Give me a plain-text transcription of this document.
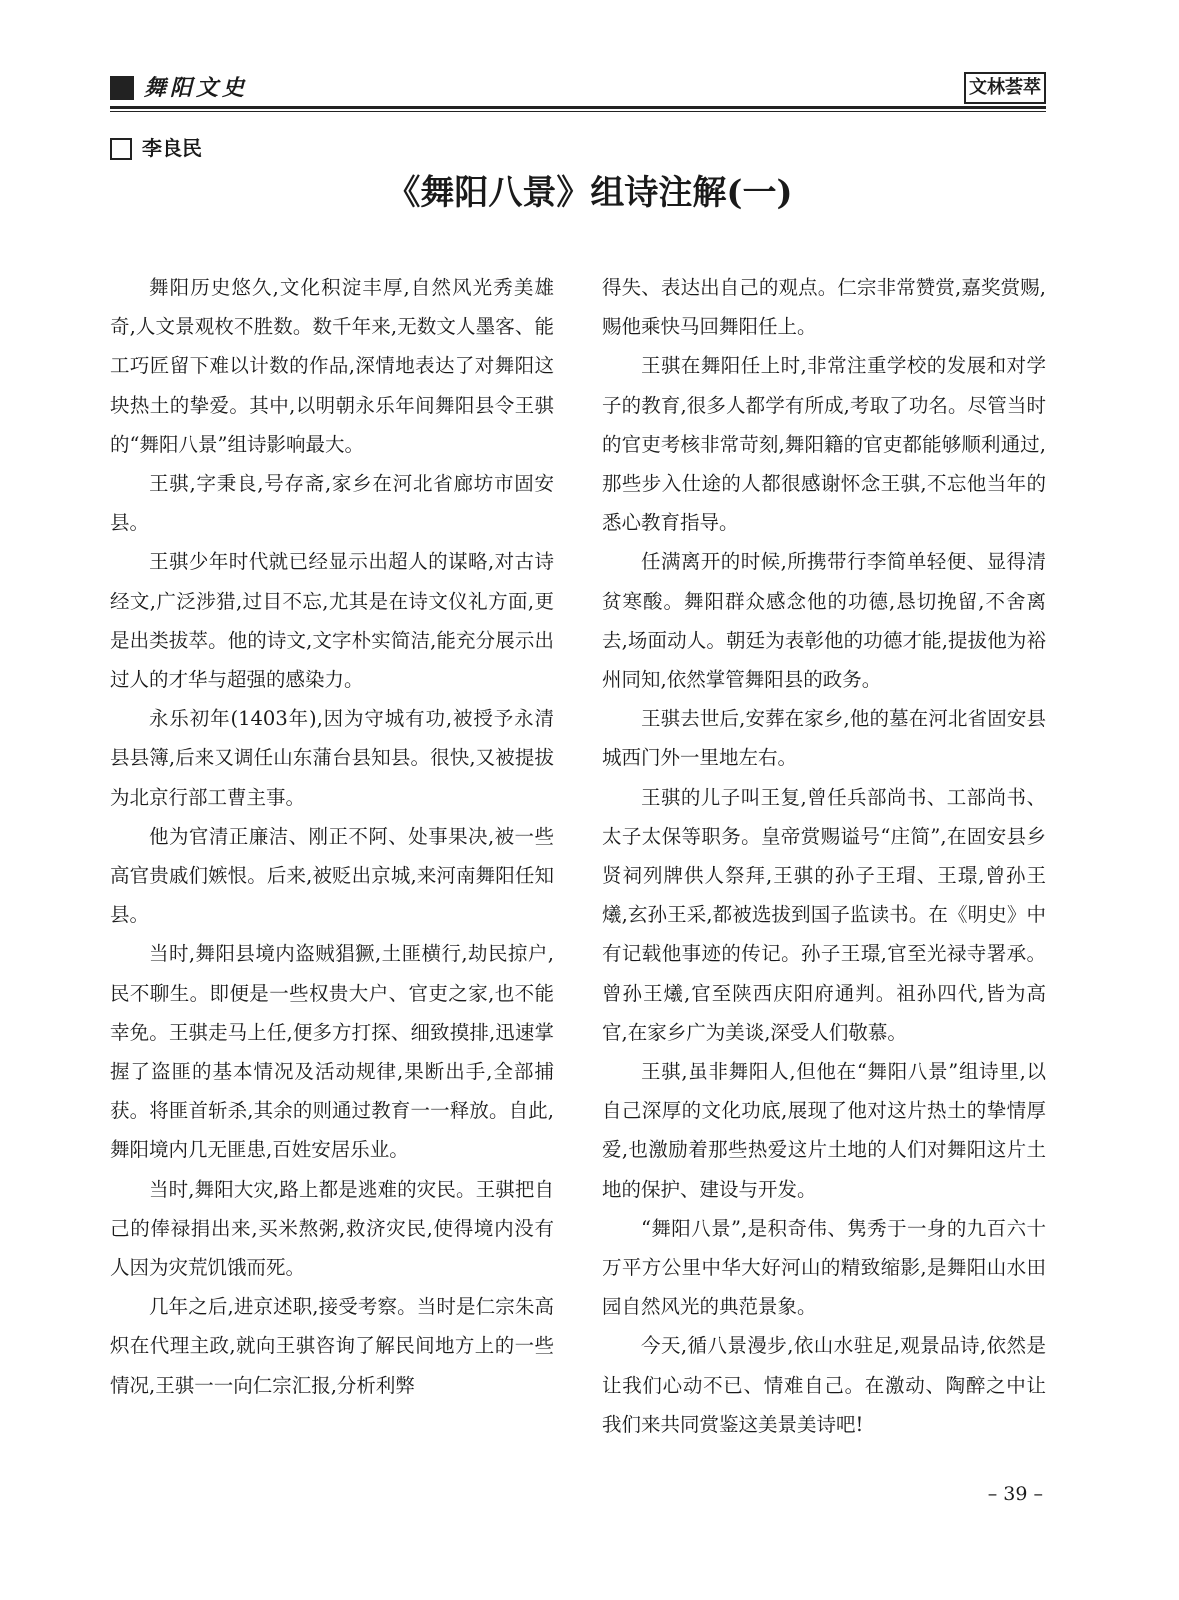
舞阳文史	文林荟萃
李良民
《舞阳八景》组诗注解(一)

舞阳历史悠久,文化积淀丰厚,自然风光秀美雄奇,人文景观枚不胜数。数千年来,无数文人墨客、能工巧匠留下难以计数的作品,深情地表达了对舞阳这块热土的挚爱。其中,以明朝永乐年间舞阳县令王骐的“舞阳八景”组诗影响最大。

王骐,字秉良,号存斋,家乡在河北省廊坊市固安县。

王骐少年时代就已经显示出超人的谋略,对古诗经文,广泛涉猎,过目不忘,尤其是在诗文仪礼方面,更是出类拔萃。他的诗文,文字朴实简洁,能充分展示出过人的才华与超强的感染力。

永乐初年(1403年),因为守城有功,被授予永清县县簿,后来又调任山东蒲台县知县。很快,又被提拔为北京行部工曹主事。

他为官清正廉洁、刚正不阿、处事果决,被一些高官贵戚们嫉恨。后来,被贬出京城,来河南舞阳任知县。

当时,舞阳县境内盗贼猖獗,土匪横行,劫民掠户,民不聊生。即便是一些权贵大户、官吏之家,也不能幸免。王骐走马上任,便多方打探、细致摸排,迅速掌握了盗匪的基本情况及活动规律,果断出手,全部捕获。将匪首斩杀,其余的则通过教育一一释放。自此,舞阳境内几无匪患,百姓安居乐业。

当时,舞阳大灾,路上都是逃难的灾民。王骐把自己的俸禄捐出来,买米熬粥,救济灾民,使得境内没有人因为灾荒饥饿而死。

几年之后,进京述职,接受考察。当时是仁宗朱高炽在代理主政,就向王骐咨询了解民间地方上的一些情况,王骐一一向仁宗汇报,分析利弊

得失、表达出自己的观点。仁宗非常赞赏,嘉奖赏赐,赐他乘快马回舞阳任上。

王骐在舞阳任上时,非常注重学校的发展和对学子的教育,很多人都学有所成,考取了功名。尽管当时的官吏考核非常苛刻,舞阳籍的官吏都能够顺利通过,那些步入仕途的人都很感谢怀念王骐,不忘他当年的悉心教育指导。

任满离开的时候,所携带行李简单轻便、显得清贫寒酸。舞阳群众感念他的功德,恳切挽留,不舍离去,场面动人。朝廷为表彰他的功德才能,提拔他为裕州同知,依然掌管舞阳县的政务。

王骐去世后,安葬在家乡,他的墓在河北省固安县城西门外一里地左右。

王骐的儿子叫王复,曾任兵部尚书、工部尚书、太子太保等职务。皇帝赏赐谥号“庄简”,在固安县乡贤祠列牌供人祭拜,王骐的孙子王瑁、王璟,曾孙王爔,玄孙王采,都被选拔到国子监读书。在《明史》中有记载他事迹的传记。孙子王璟,官至光禄寺署承。曾孙王爔,官至陕西庆阳府通判。祖孙四代,皆为高官,在家乡广为美谈,深受人们敬慕。

王骐,虽非舞阳人,但他在“舞阳八景”组诗里,以自己深厚的文化功底,展现了他对这片热土的挚情厚爱,也激励着那些热爱这片土地的人们对舞阳这片土地的保护、建设与开发。

“舞阳八景”,是积奇伟、隽秀于一身的九百六十万平方公里中华大好河山的精致缩影,是舞阳山水田园自然风光的典范景象。

今天,循八景漫步,依山水驻足,观景品诗,依然是让我们心动不已、情难自己。在激动、陶醉之中让我们来共同赏鉴这美景美诗吧!

– 39 –
